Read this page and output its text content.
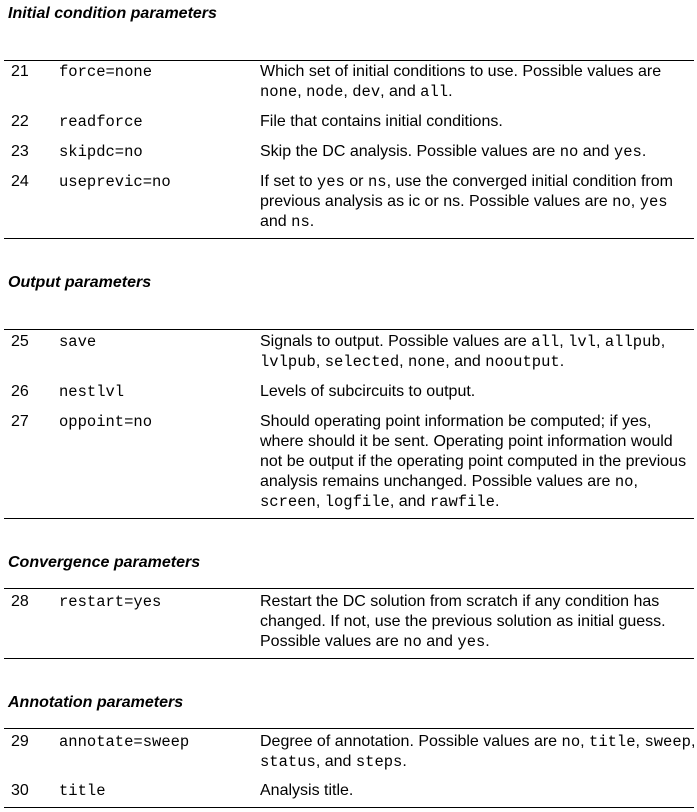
Initial condition parameters
21 force=none	Which set of initial conditions to use. Possible values are none, node, dev, and all.
22 readforce	File that contains initial conditions.
23 skipdc=no	Skip the DC analysis. Possible values are no and yes.
24 useprevic=no	If set to yes or ns, use the converged initial condition from previous analysis as ic or ns. Possible values are no, yes and ns.
Output parameters
25 save	Signals to output. Possible values are all, lvl, allpub, lvlpub, selected, none, and nooutput.
26 nestlvl	Levels of subcircuits to output.
27 oppoint=no	Should operating point information be computed; if yes, where should it be sent. Operating point information would not be output if the operating point computed in the previous analysis remains unchanged. Possible values are no, screen, logfile, and rawfile.
Convergence parameters
28 restart=yes	Restart the DC solution from scratch if any condition has changed. If not, use the previous solution as initial guess. Possible values are no and yes.
Annotation parameters
29 annotate=sweep	Degree of annotation. Possible values are no, title, sweep, status, and steps.
30 title	Analysis title.
